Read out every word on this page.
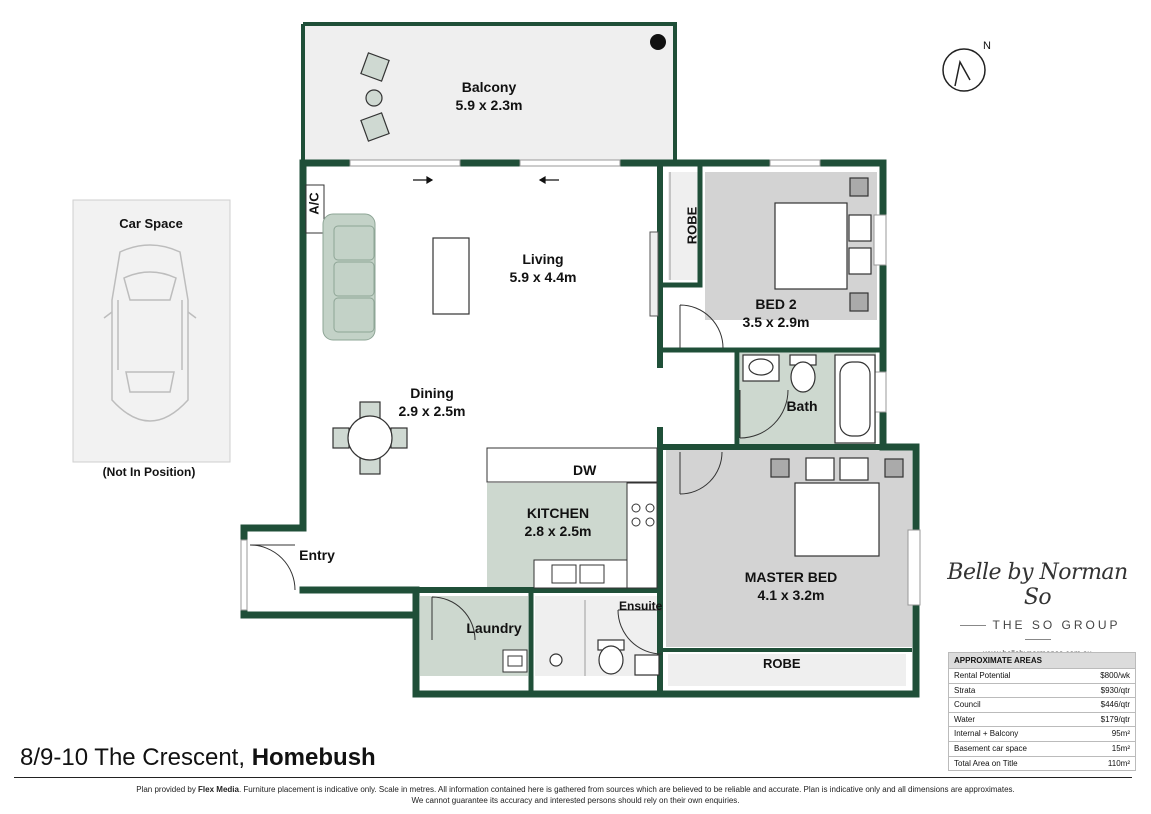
Balcony
5.9 x 2.3m
Living
5.9 x 4.4m
BED 2
3.5 x 2.9m
Dining
2.9 x 2.5m	Bath
KITCHEN
2.8 x 2.5m
MASTER BED
4.1 x 3.2m
Entry
Laundry
Ensuite
DW
ROBE
A/C
ROBE
N
Car Space
(Not In Position)
Belle by Norman So
THE SO GROUP
APPROXIMATE AREAS
Rental Potential	$800/wk
Strata	$930/qtr
Council	$446/qtr
Water	$179/qtr
Internal + Balcony	95m²
Basement car space	15m²
Total Area on Title	110m²
8/9-10 The Crescent, Homebush
Plan provided by Flex Media. Furniture placement is indicative only. Scale in metres. All information contained here is gathered from sources which are believed to be reliable and accurate. Plan is indicative only and all dimensions are approximates.
We cannot guarantee its accuracy and interested persons should rely on their own enquiries.
